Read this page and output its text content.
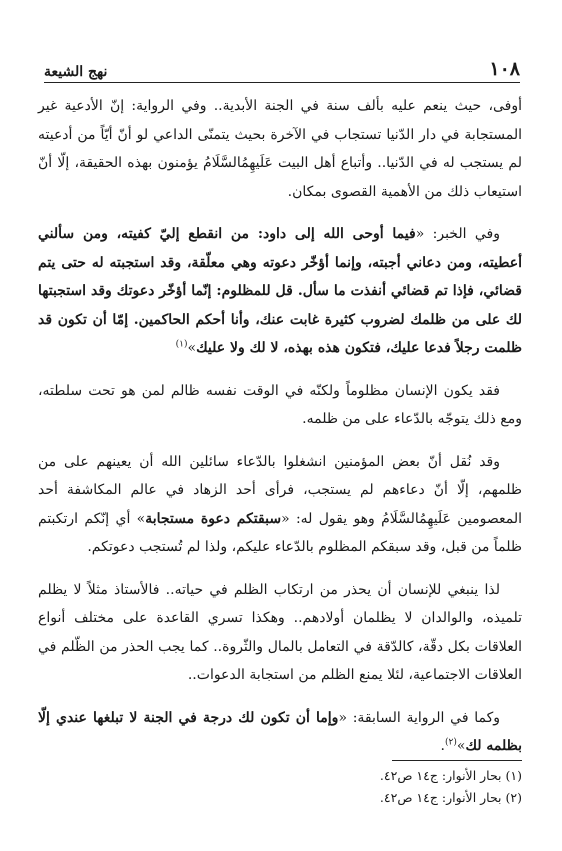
١٠٨
نهج الشيعة

أوفى، حيث ينعم عليه بألف سنة في الجنة الأبدية.. وفي الرواية: إنّ الأدعية غير المستجابة في دار الدّنيا تستجاب في الآخرة بحيث يتمنّى الداعي لو أنّ أيّاً من أدعيته لم يستجب له في الدّنيا.. وأتباع أهل البيت عَلَيهِمُالسَّلَامُ يؤمنون بهذه الحقيقة، إلّا أنّ استيعاب ذلك من الأهمية القصوى بمكان.

وفي الخبر: «فيما أوحى الله إلى داود: من انقطع إليّ كفيته، ومن سألني أعطيته، ومن دعاني أجبته، وإنما أؤخّر دعوته وهي معلّقة، وقد استجبته له حتى يتم قضائي، فإذا تم قضائي أنفذت ما سأل. قل للمظلوم: إنّما أؤخّر دعوتك وقد استجبتها لك على من ظلمك لضروب كثيرة غابت عنك، وأنا أحكم الحاكمين. إمّا أن تكون قد ظلمت رجلاً فدعا عليك، فتكون هذه بهذه، لا لك ولا عليك»$^{(١)}$

فقد يكون الإنسان مظلوماً ولكنّه في الوقت نفسه ظالم لمن هو تحت سلطته، ومع ذلك يتوجّه بالدّعاء على من ظلمه.

وقد نُقل أنّ بعض المؤمنين انشغلوا بالدّعاء سائلين الله أن يعينهم على من ظلمهم، إلّا أنّ دعاءهم لم يستجب، فرأى أحد الزهاد في عالم المكاشفة أحد المعصومين عَلَيهِمُالسَّلَامُ وهو يقول له: «سبقتكم دعوة مستجابة» أي إنّكم ارتكبتم ظلماً من قبل، وقد سبقكم المظلوم بالدّعاء عليكم، ولذا لم تُستجب دعوتكم.

لذا ينبغي للإنسان أن يحذر من ارتكاب الظلم في حياته.. فالأستاذ مثلاً لا يظلم تلميذه، والوالدان لا يظلمان أولادهم.. وهكذا تسري القاعدة على مختلف أنواع العلاقات بكل دقّة، كالدّقة في التعامل بالمال والثّروة.. كما يجب الحذر من الظّلم في العلاقات الاجتماعية، لئلا يمنع الظلم من استجابة الدعوات..

وكما في الرواية السابقة: «وإما أن تكون لك درجة في الجنة لا تبلغها عندي إلّا بظلمه لك»$^{(٢)}$.

(١) بحار الأنوار: ج١٤ ص٤٢.
(٢) بحار الأنوار: ج١٤ ص٤٢.
